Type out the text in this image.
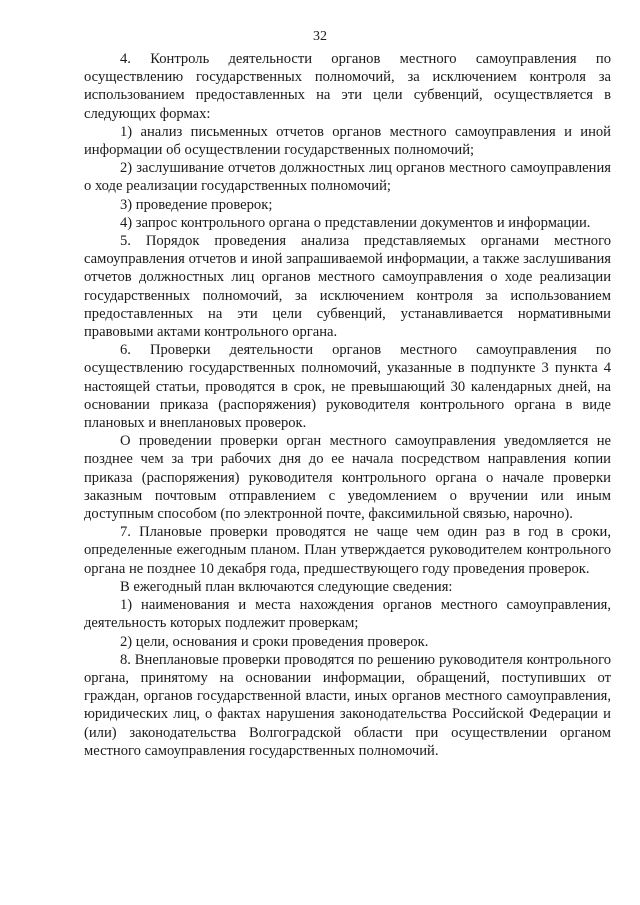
32

4. Контроль деятельности органов местного самоуправления по осуществлению государственных полномочий, за исключением контроля за использованием предоставленных на эти цели субвенций, осуществляется в следующих формах:

1) анализ письменных отчетов органов местного самоуправления и иной информации об осуществлении государственных полномочий;

2) заслушивание отчетов должностных лиц органов местного самоуправления о ходе реализации государственных полномочий;

3) проведение проверок;

4) запрос контрольного органа о представлении документов и информации.

5. Порядок проведения анализа представляемых органами местного самоуправления отчетов и иной запрашиваемой информации, а также заслушивания отчетов должностных лиц органов местного самоуправления о ходе реализации государственных полномочий, за исключением контроля за использованием предоставленных на эти цели субвенций, устанавливается нормативными правовыми актами контрольного органа.

6. Проверки деятельности органов местного самоуправления по осуществлению государственных полномочий, указанные в подпункте 3 пункта 4 настоящей статьи, проводятся в срок, не превышающий 30 календарных дней, на основании приказа (распоряжения) руководителя контрольного органа в виде плановых и внеплановых проверок.

О проведении проверки орган местного самоуправления уведомляется не позднее чем за три рабочих дня до ее начала посредством направления копии приказа (распоряжения) руководителя контрольного органа о начале проверки заказным почтовым отправлением с уведомлением о вручении или иным доступным способом (по электронной почте, факсимильной связью, нарочно).

7. Плановые проверки проводятся не чаще чем один раз в год в сроки, определенные ежегодным планом. План утверждается руководителем контрольного органа не позднее 10 декабря года, предшествующего году проведения проверок.

В ежегодный план включаются следующие сведения:

1) наименования и места нахождения органов местного самоуправления, деятельность которых подлежит проверкам;

2) цели, основания и сроки проведения проверок.

8. Внеплановые проверки проводятся по решению руководителя контрольного органа, принятому на основании информации, обращений, поступивших от граждан, органов государственной власти, иных органов местного самоуправления, юридических лиц, о фактах нарушения законодательства Российской Федерации и (или) законодательства Волгоградской области при осуществлении органом местного самоуправления государственных полномочий.
